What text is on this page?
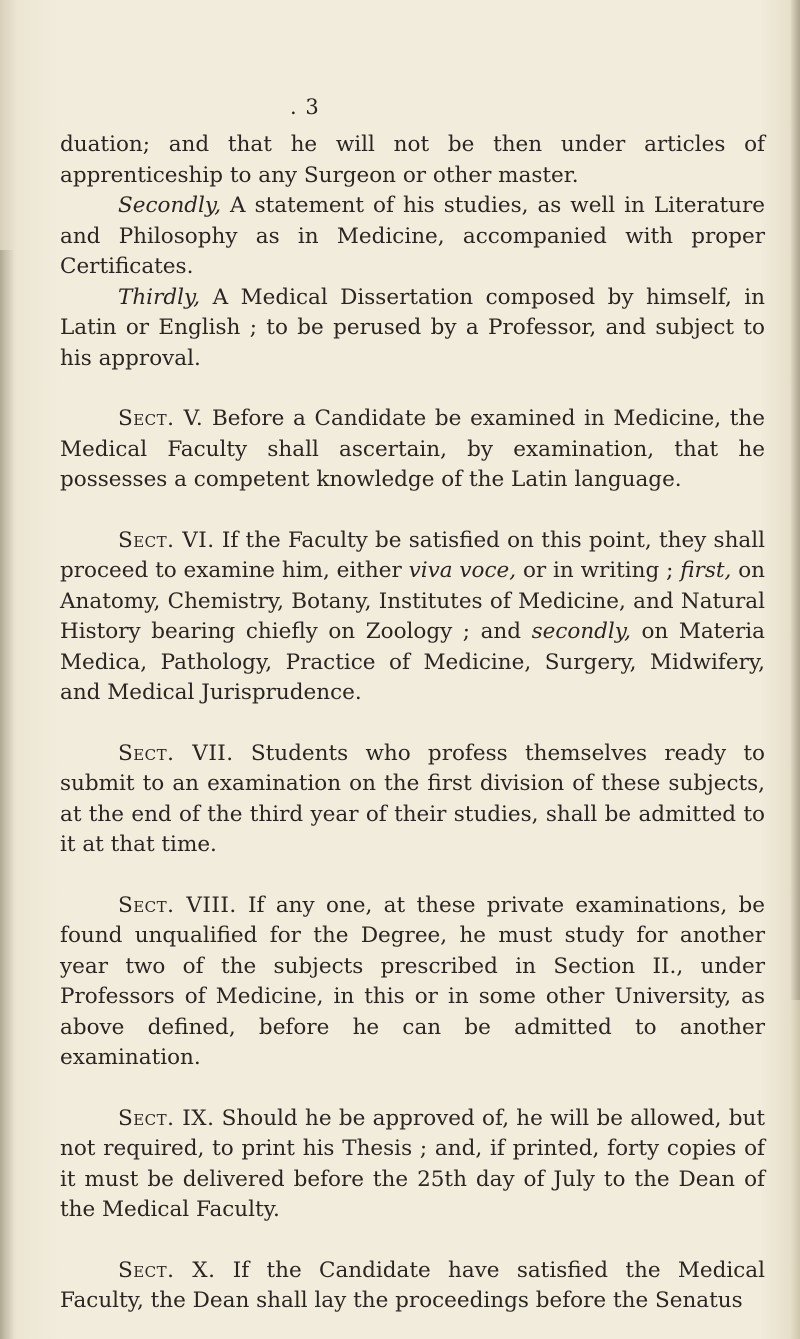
. 3

duation; and that he will not be then under articles of apprenticeship to any Surgeon or other master.

Secondly, A statement of his studies, as well in Literature and Philosophy as in Medicine, accompanied with proper Certificates.

Thirdly, A Medical Dissertation composed by himself, in Latin or English ; to be perused by a Professor, and subject to his approval.

Sect. V. Before a Candidate be examined in Medicine, the Medical Faculty shall ascertain, by examination, that he possesses a competent knowledge of the Latin language.

Sect. VI. If the Faculty be satisfied on this point, they shall proceed to examine him, either viva voce, or in writing ; first, on Anatomy, Chemistry, Botany, Institutes of Medicine, and Natural History bearing chiefly on Zoology ; and secondly, on Materia Medica, Pathology, Practice of Medicine, Surgery, Midwifery, and Medical Jurisprudence.

Sect. VII. Students who profess themselves ready to submit to an examination on the first division of these subjects, at the end of the third year of their studies, shall be admitted to it at that time.

Sect. VIII. If any one, at these private examinations, be found unqualified for the Degree, he must study for another year two of the subjects prescribed in Section II., under Professors of Medicine, in this or in some other University, as above defined, before he can be admitted to another examination.

Sect. IX. Should he be approved of, he will be allowed, but not required, to print his Thesis ; and, if printed, forty copies of it must be delivered before the 25th day of July to the Dean of the Medical Faculty.

Sect. X. If the Candidate have satisfied the Medical Faculty, the Dean shall lay the proceedings before the Senatus
